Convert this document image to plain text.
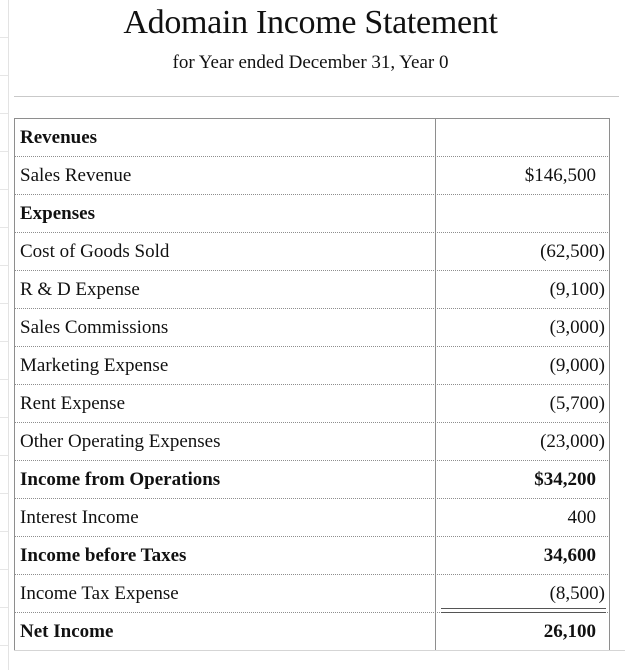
Adomain Income Statement
for Year ended December 31, Year 0
Revenues
Sales Revenue	$146,500
Expenses
Cost of Goods Sold	(62,500)
R & D Expense	(9,100)
Sales Commissions	(3,000)
Marketing Expense	(9,000)
Rent Expense	(5,700)
Other Operating Expenses	(23,000)
Income from Operations	$34,200
Interest Income	400
Income before Taxes	34,600
Income Tax Expense	(8,500)
Net Income	26,100
